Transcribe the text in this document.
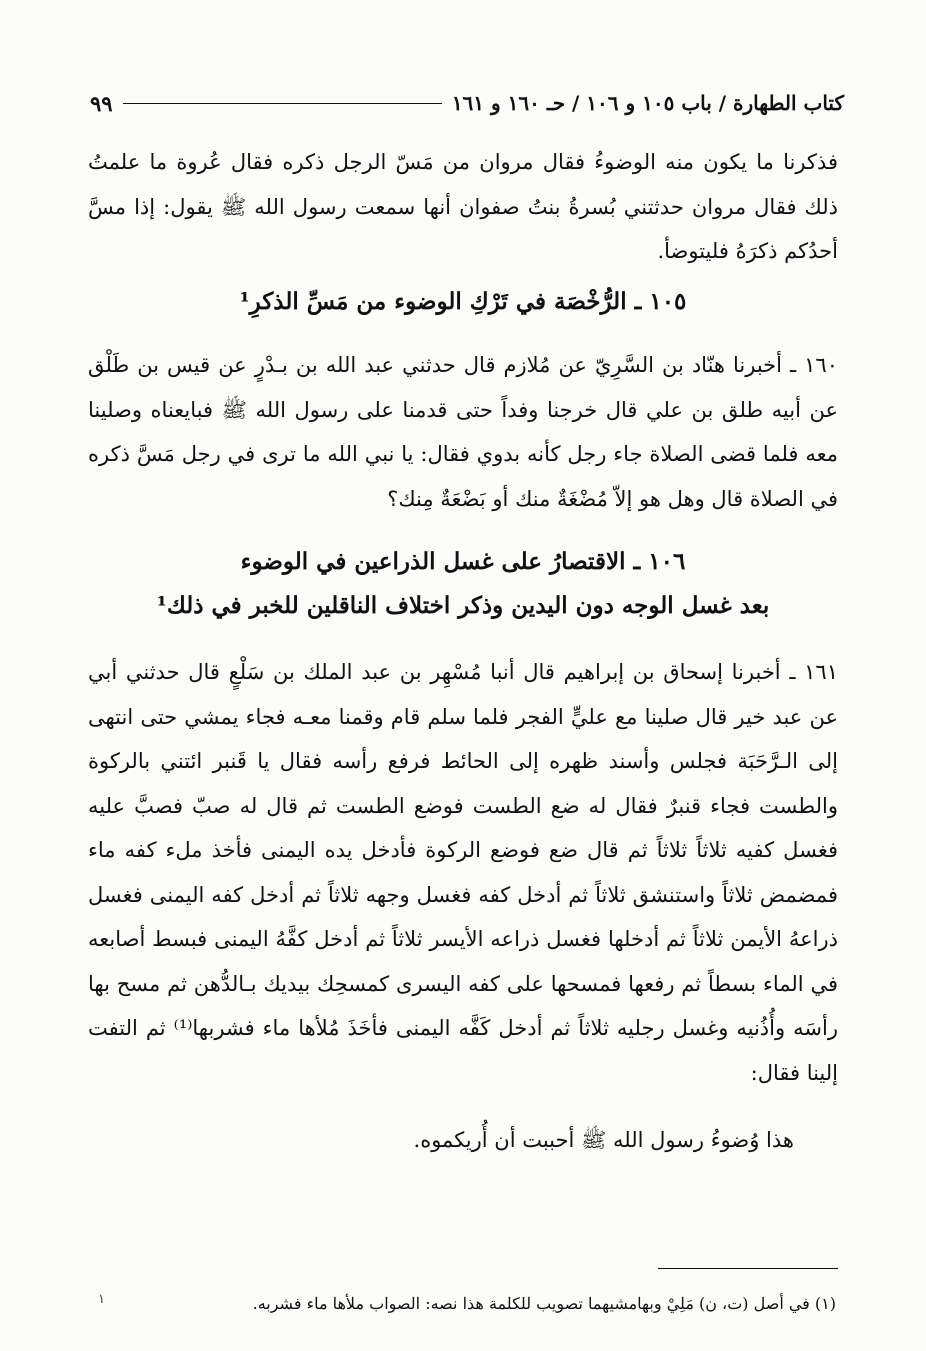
كتاب الطهارة / باب ١٠٥ و ١٠٦ / حـ ١٦٠ و ١٦١
٩٩
فذكرنا ما يكون منه الوضوءُ فقال مروان من مَسّ الرجل ذكره فقال عُروة ما علمتُ ذلك فقال مروان حدثتني بُسرةُ بنتُ صفوان أنها سمعت رسول الله ﷺ يقول: إذا مسَّ أحدُكم ذكرَهُ فليتوضأ.
١٠٥ ـ الرُّخْصَة في تَرْكِ الوضوء من مَسِّ الذكرِ¹
١٦٠ ـ أخبرنا هنّاد بن السَّرِيّ عن مُلازم قال حدثني عبد الله بن بـدْرٍ عن قيس بن طَلْق عن أبيه طلق بن علي قال خرجنا وفداً حتى قدمنا على رسول الله ﷺ فبايعناه وصلينا معه فلما قضى الصلاة جاء رجل كأنه بدوي فقال: يا نبي الله ما ترى في رجل مَسَّ ذكره في الصلاة قال وهل هو إلاّ مُضْغَةٌ منك أو بَضْعَةٌ مِنك؟
١٠٦ ـ الاقتصارُ على غسل الذراعين في الوضوء
بعد غسل الوجه دون اليدين وذكر اختلاف الناقلين للخبر في ذلك¹
١٦١ ـ أخبرنا إسحاق بن إبراهيم قال أنبا مُسْهِر بن عبد الملك بن سَلْعٍ قال حدثني أبي عن عبد خير قال صلينا مع عليٍّ الفجر فلما سلم قام وقمنا معـه فجاء يمشي حتى انتهى إلى الـرَّحَبَة فجلس وأسند ظهره إلى الحائط فرفع رأسه فقال يا قَنبر ائتني بالركوة والطست فجاء قنبرٌ فقال له ضع الطست فوضع الطست ثم قال له صبّ فصبَّ عليه فغسل كفيه ثلاثاً ثلاثاً ثم قال ضع فوضع الركوة فأدخل يده اليمنى فأخذ ملء كفه ماء فمضمض ثلاثاً واستنشق ثلاثاً ثم أدخل كفه فغسل وجهه ثلاثاً ثم أدخل كفه اليمنى فغسل ذراعهُ الأيمن ثلاثاً ثم أدخلها فغسل ذراعه الأيسر ثلاثاً ثم أدخل كفَّهُ اليمنى فبسط أصابعه في الماء بسطاً ثم رفعها فمسحها على كفه اليسرى كمسحِك بيديك بـالدُّهن ثم مسح بها رأسَه وأُذُنيه وغسل رجليه ثلاثاً ثم أدخل كَفَّه اليمنى فأخَذَ مُلأها ماء فشربها⁽¹⁾ ثم التفت إلينا فقال:
هذا وُضوءُ رسول الله ﷺ أحببت أن أُريكموه.
(١) في أصل (ت، ن) مَلِيْ وبهامشيهما تصويب للكلمة هذا نصه: الصواب ملأها ماء فشربه.
١
